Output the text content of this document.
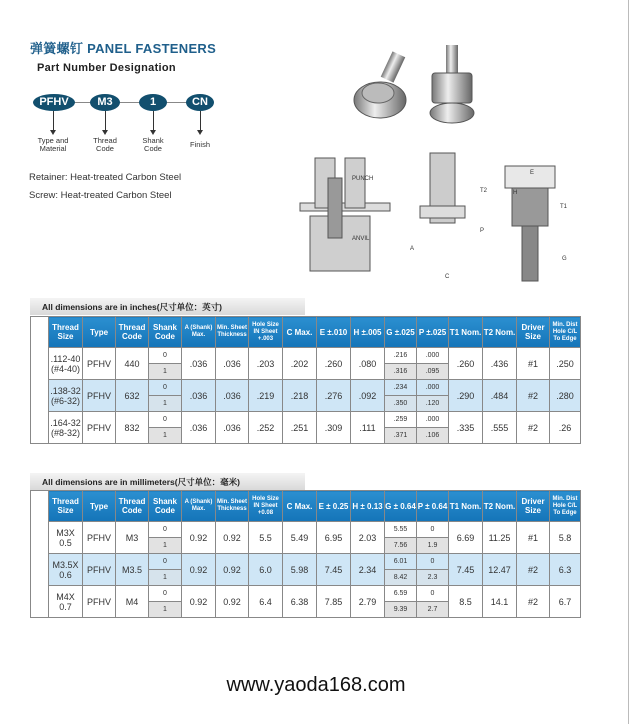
弹簧螺钉 PANEL FASTENERS
Part Number Designation
PFHV	M3	1	CN
Type and Material
Thread Code
Shank Code	Finish
Retainer: Heat-treated Carbon Steel
Screw: Heat-treated Carbon Steel
PUNCH
ANVIL
E
H
T2
T1
G
C
A
P
All dimensions are in inches(尺寸单位：英寸)
	Thread Size	Type	Thread Code	Shank Code	A (Shank) Max.	Min. Sheet Thickness	Hole Size IN Sheet +.003	C Max.	E ±.010	H ±.005	G ±.025	P ±.025	T1 Nom.	T2 Nom.	Driver Size	Min. Dist Hole C/L To Edge
	.112-40 (#4-40)	PFHV	440	0	.036	.036	.203	.202	.260	.080	.216	.000	.260	.436	#1	.250
				1							.316	.095				
	.138-32 (#6-32)	PFHV	632	0	.036	.036	.219	.218	.276	.092	.234	.000	.290	.484	#2	.280
				1							.350	.120				
	.164-32 (#8-32)	PFHV	832	0	.036	.036	.252	.251	.309	.111	.259	.000	.335	.555	#2	.26
				1							.371	.106				
All dimensions are in millimeters(尺寸单位：毫米)
	Thread Size	Type	Thread Code	Shank Code	A (Shank) Max.	Min. Sheet Thickness	Hole Size IN Sheet +0.08	C Max.	E ± 0.25	H ± 0.13	G ± 0.64	P ± 0.64	T1 Nom.	T2 Nom.	Driver Size	Min. Dist Hole C/L To Edge
	M3X 0.5	PFHV	M3	0	0.92	0.92	5.5	5.49	6.95	2.03	5.55	0	6.69	11.25	#1	5.8
				1							7.56	1.9				
	M3.5X 0.6	PFHV	M3.5	0	0.92	0.92	6.0	5.98	7.45	2.34	6.01	0	7.45	12.47	#2	6.3
				1							8.42	2.3				
	M4X 0.7	PFHV	M4	0	0.92	0.92	6.4	6.38	7.85	2.79	6.59	0	8.5	14.1	#2	6.7
				1							9.39	2.7				
www.yaoda168.com
